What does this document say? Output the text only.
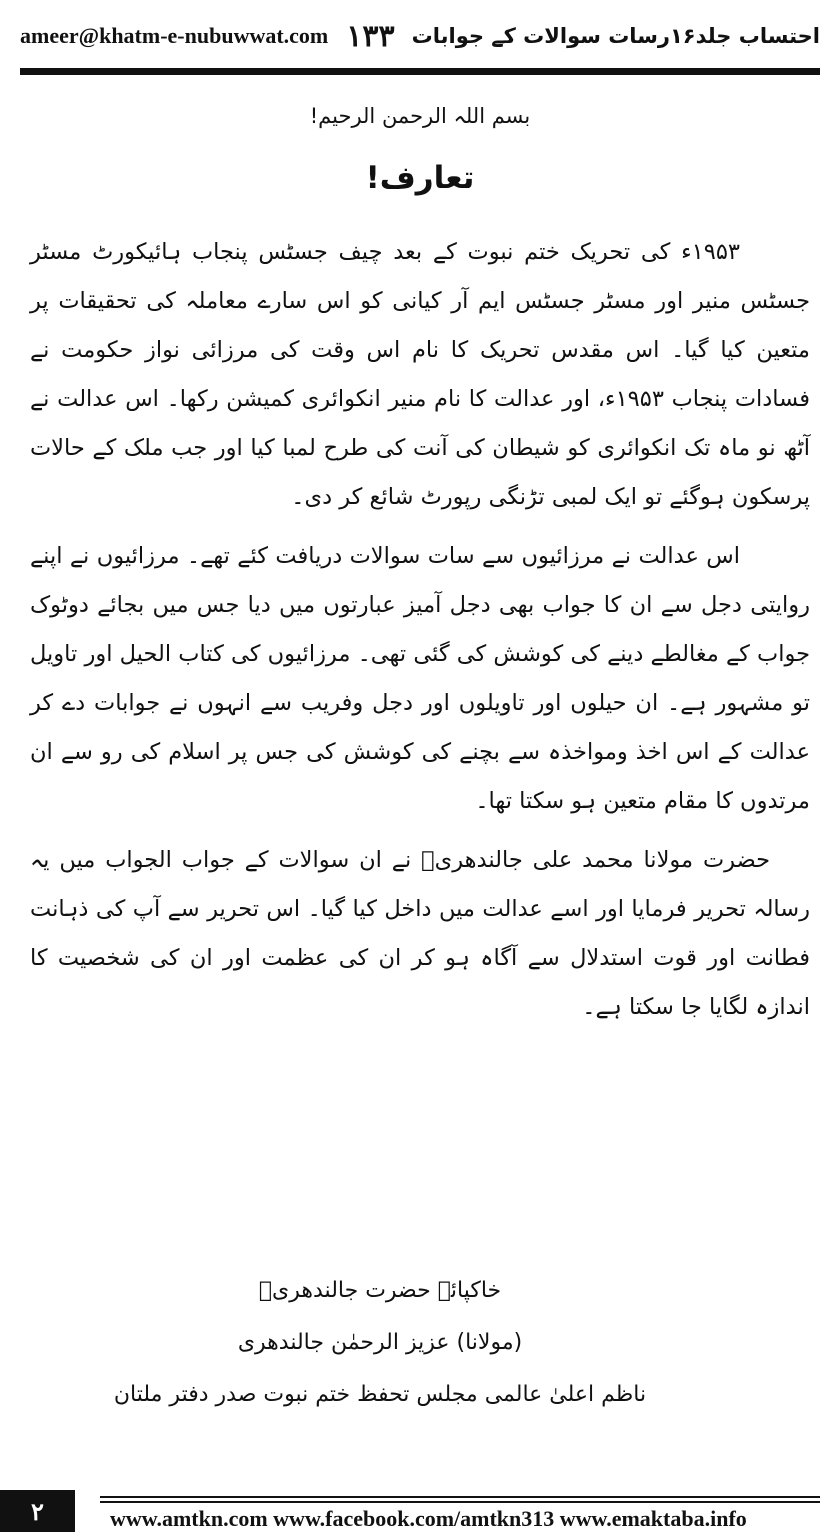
ameer@khatm-e-nubuwwat.com ۱۳۳ احتساب جلد۱۶رسات سوالات کے جوابات
بسم اللہ الرحمن الرحیم!
تعارف!

۱۹۵۳ء کی تحریک ختم نبوت کے بعد چیف جسٹس پنجاب ہائیکورٹ مسٹر جسٹس منیر اور مسٹر جسٹس ایم آر کیانی کو اس سارے معاملہ کی تحقیقات پر متعین کیا گیا۔ اس مقدس تحریک کا نام اس وقت کی مرزائی نواز حکومت نے فسادات پنجاب ۱۹۵۳ء، اور عدالت کا نام منیر انکوائری کمیشن رکھا۔ اس عدالت نے آٹھ نو ماہ تک انکوائری کو شیطان کی آنت کی طرح لمبا کیا اور جب ملک کے حالات پرسکون ہوگئے تو ایک لمبی تڑنگی رپورٹ شائع کر دی۔

اس عدالت نے مرزائیوں سے سات سوالات دریافت کئے تھے۔ مرزائیوں نے اپنے روایتی دجل سے ان کا جواب بھی دجل آمیز عبارتوں میں دیا جس میں بجائے دوٹوک جواب کے مغالطے دینے کی کوشش کی گئی تھی۔ مرزائیوں کی کتاب الحیل اور تاویل تو مشہور ہے۔ ان حیلوں اور تاویلوں اور دجل وفریب سے انہوں نے جوابات دے کر عدالت کے اس اخذ ومواخذہ سے بچنے کی کوشش کی جس پر اسلام کی رو سے ان مرتدوں کا مقام متعین ہو سکتا تھا۔

حضرت مولانا محمد علی جالندھریؒ نے ان سوالات کے جواب الجواب میں یہ رسالہ تحریر فرمایا اور اسے عدالت میں داخل کیا گیا۔ اس تحریر سے آپ کی ذہانت فطانت اور قوت استدلال سے آگاہ ہو کر ان کی عظمت اور ان کی شخصیت کا اندازہ لگایا جا سکتا ہے۔

خاکپائے حضرت جالندھریؒ
(مولانا) عزیز الرحمٰن جالندھری
ناظم اعلیٰ عالمی مجلس تحفظ ختم نبوت صدر دفتر ملتان
۲	www.amtkn.com www.facebook.com/amtkn313 www.emaktaba.info
